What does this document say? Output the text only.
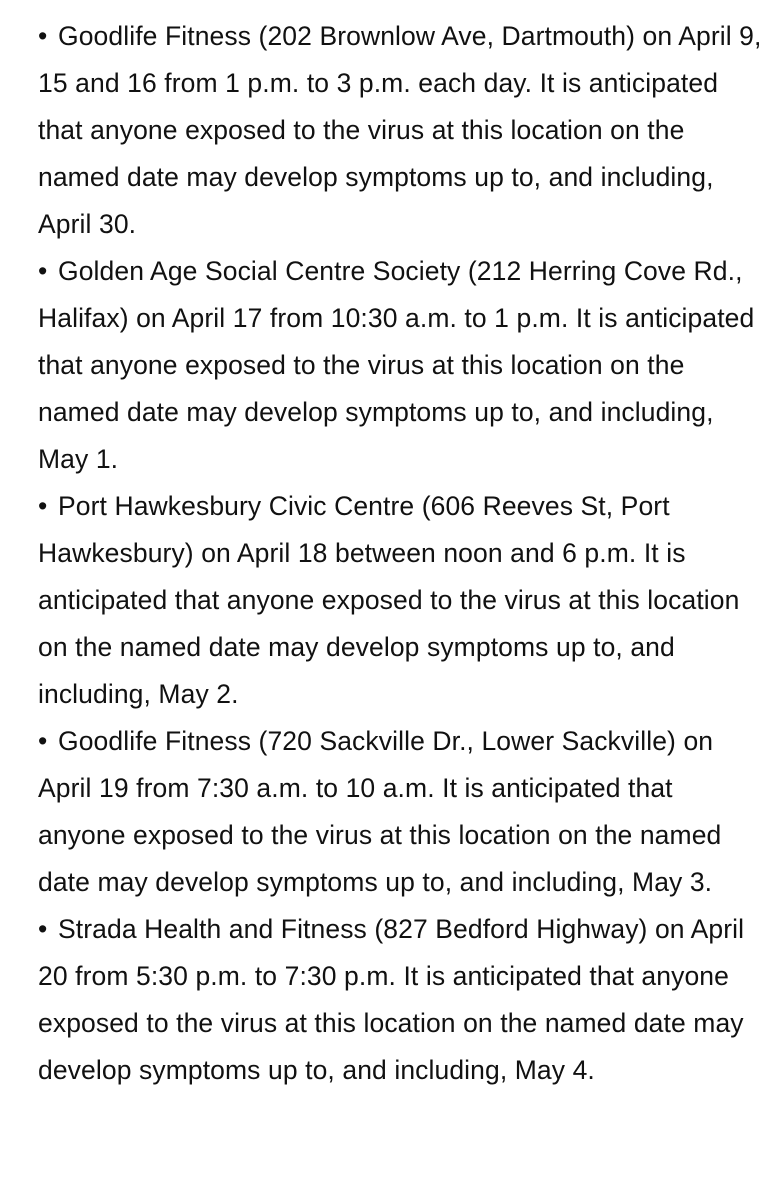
• Goodlife Fitness (202 Brownlow Ave, Dartmouth) on April 9, 15 and 16 from 1 p.m. to 3 p.m. each day. It is anticipated that anyone exposed to the virus at this location on the named date may develop symptoms up to, and including, April 30.

• Golden Age Social Centre Society (212 Herring Cove Rd., Halifax) on April 17 from 10:30 a.m. to 1 p.m. It is anticipated that anyone exposed to the virus at this location on the named date may develop symptoms up to, and including, May 1.

• Port Hawkesbury Civic Centre (606 Reeves St, Port Hawkesbury) on April 18 between noon and 6 p.m. It is anticipated that anyone exposed to the virus at this location on the named date may develop symptoms up to, and including, May 2.

• Goodlife Fitness (720 Sackville Dr., Lower Sackville) on April 19 from 7:30 a.m. to 10 a.m. It is anticipated that anyone exposed to the virus at this location on the named date may develop symptoms up to, and including, May 3.

• Strada Health and Fitness (827 Bedford Highway) on April 20 from 5:30 p.m. to 7:30 p.m. It is anticipated that anyone exposed to the virus at this location on the named date may develop symptoms up to, and including, May 4.
